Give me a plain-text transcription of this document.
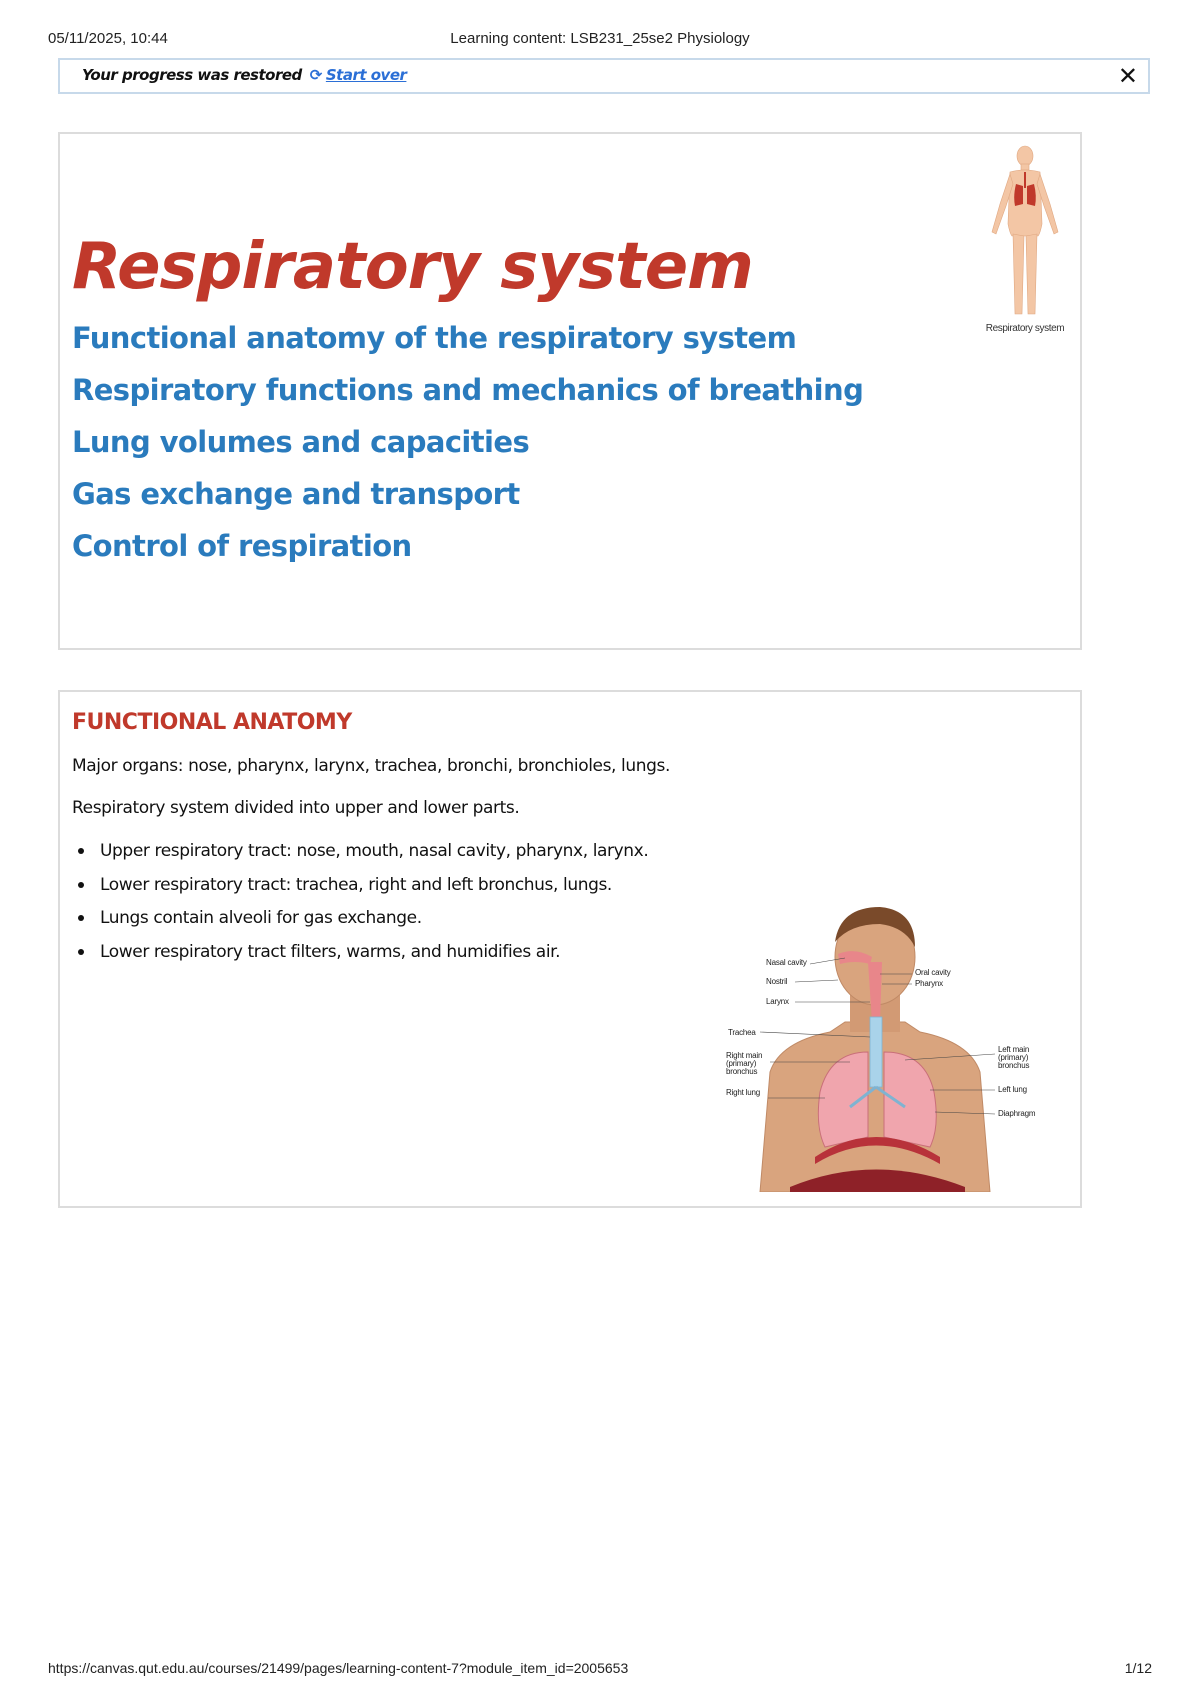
05/11/2025, 10:44	Learning content: LSB231_25se2 Physiology
Your progress was restored ⟳ Start over	✕
Respiratory system
Functional anatomy of the respiratory system
Respiratory functions and mechanics of breathing
Lung volumes and capacities
Gas exchange and transport
Control of respiration
Respiratory system
FUNCTIONAL ANATOMY
Major organs: nose, pharynx, larynx, trachea, bronchi, bronchioles, lungs.
Respiratory system divided into upper and lower parts.
Upper respiratory tract: nose, mouth, nasal cavity, pharynx, larynx.
Lower respiratory tract: trachea, right and left bronchus, lungs.
Lungs contain alveoli for gas exchange.
Lower respiratory tract filters, warms, and humidifies air.
Nasal cavity
Nostril
Larynx
Trachea
Right main (primary) bronchus
Right lung
Oral cavity
Pharynx
Left main (primary) bronchus
Left lung
Diaphragm
https://canvas.qut.edu.au/courses/21499/pages/learning-content-7?module_item_id=2005653	1/12
